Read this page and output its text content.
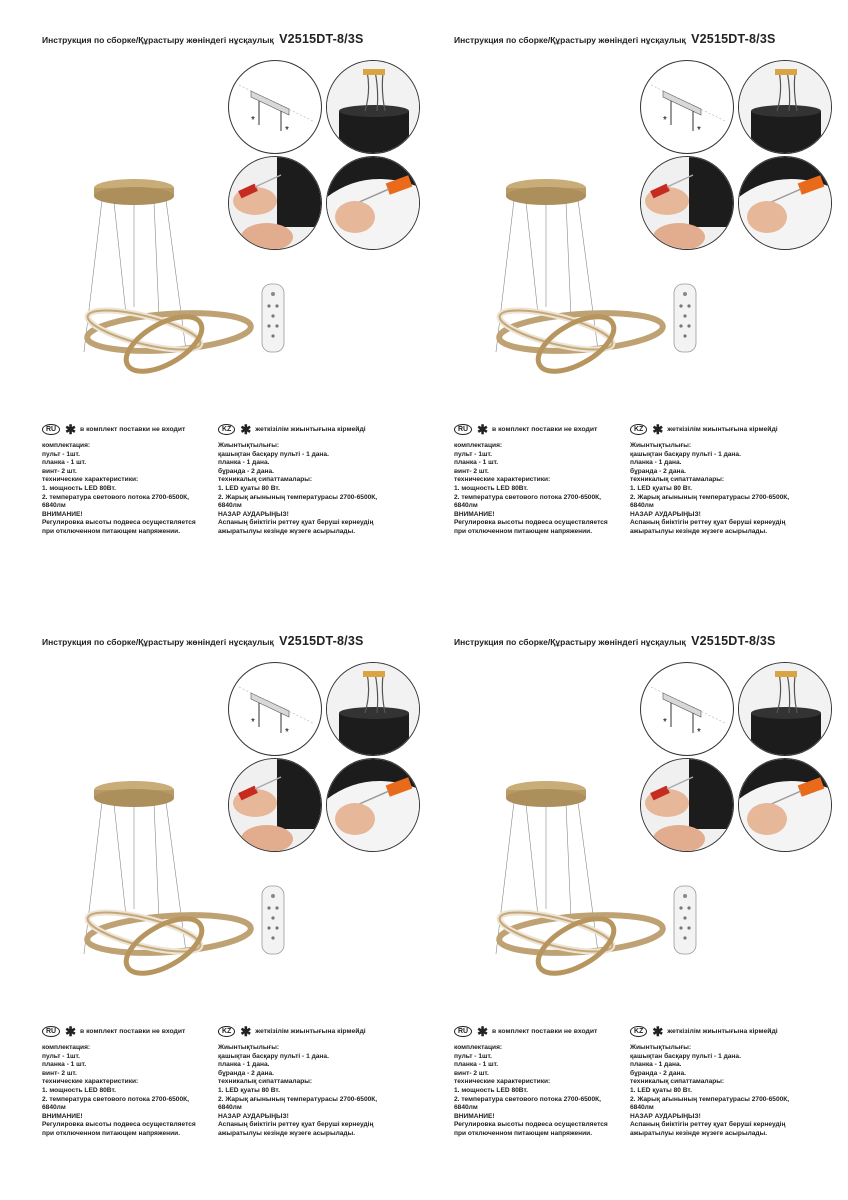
Инструкция по сборке/Құрастыру жөніндегі нұсқаулық V2515DT-8/3S
*
*
RU ✱ в комплект поставки не входит	KZ ✱ жеткізілім жиынтығына кірмейді
комплектация:
пульт - 1шт.
планка - 1 шт.
винт- 2 шт.
технические характеристики:
1. мощность LED 80Вт.
2. температура светового потока 2700-6500К,
6840лм
ВНИМАНИЕ!
Регулировка высоты подвеса осуществляется
при отключенном питающем напряжении.
Жиынтықтылығы:
қашықтан басқару пульті - 1 дана.
планка - 1 дана.
бұранда - 2 дана.
техникалық сипаттамалары:
1. LED қуаты 80 Вт.
2. Жарық ағынының температурасы 2700-6500К,
6840лм
НАЗАР АУДАРЫҢЫЗ!
Аспаның биіктігін реттеу қуат беруші кернеудің
ажыратылуы кезінде жүзеге асырылады.
Инструкция по сборке/Құрастыру жөніндегі нұсқаулық V2515DT-8/3S
*
*
RU ✱ в комплект поставки не входит	KZ ✱ жеткізілім жиынтығына кірмейді
комплектация:
пульт - 1шт.
планка - 1 шт.
винт- 2 шт.
технические характеристики:
1. мощность LED 80Вт.
2. температура светового потока 2700-6500К,
6840лм
ВНИМАНИЕ!
Регулировка высоты подвеса осуществляется
при отключенном питающем напряжении.
Жиынтықтылығы:
қашықтан басқару пульті - 1 дана.
планка - 1 дана.
бұранда - 2 дана.
техникалық сипаттамалары:
1. LED қуаты 80 Вт.
2. Жарық ағынының температурасы 2700-6500К,
6840лм
НАЗАР АУДАРЫҢЫЗ!
Аспаның биіктігін реттеу қуат беруші кернеудің
ажыратылуы кезінде жүзеге асырылады.
Инструкция по сборке/Құрастыру жөніндегі нұсқаулық V2515DT-8/3S
*
*
RU ✱ в комплект поставки не входит	KZ ✱ жеткізілім жиынтығына кірмейді
комплектация:
пульт - 1шт.
планка - 1 шт.
винт- 2 шт.
технические характеристики:
1. мощность LED 80Вт.
2. температура светового потока 2700-6500К,
6840лм
ВНИМАНИЕ!
Регулировка высоты подвеса осуществляется
при отключенном питающем напряжении.
Жиынтықтылығы:
қашықтан басқару пульті - 1 дана.
планка - 1 дана.
бұранда - 2 дана.
техникалық сипаттамалары:
1. LED қуаты 80 Вт.
2. Жарық ағынының температурасы 2700-6500К,
6840лм
НАЗАР АУДАРЫҢЫЗ!
Аспаның биіктігін реттеу қуат беруші кернеудің
ажыратылуы кезінде жүзеге асырылады.
Инструкция по сборке/Құрастыру жөніндегі нұсқаулық V2515DT-8/3S
*
*
RU ✱ в комплект поставки не входит	KZ ✱ жеткізілім жиынтығына кірмейді
комплектация:
пульт - 1шт.
планка - 1 шт.
винт- 2 шт.
технические характеристики:
1. мощность LED 80Вт.
2. температура светового потока 2700-6500К,
6840лм
ВНИМАНИЕ!
Регулировка высоты подвеса осуществляется
при отключенном питающем напряжении.
Жиынтықтылығы:
қашықтан басқару пульті - 1 дана.
планка - 1 дана.
бұранда - 2 дана.
техникалық сипаттамалары:
1. LED қуаты 80 Вт.
2. Жарық ағынының температурасы 2700-6500К,
6840лм
НАЗАР АУДАРЫҢЫЗ!
Аспаның биіктігін реттеу қуат беруші кернеудің
ажыратылуы кезінде жүзеге асырылады.
